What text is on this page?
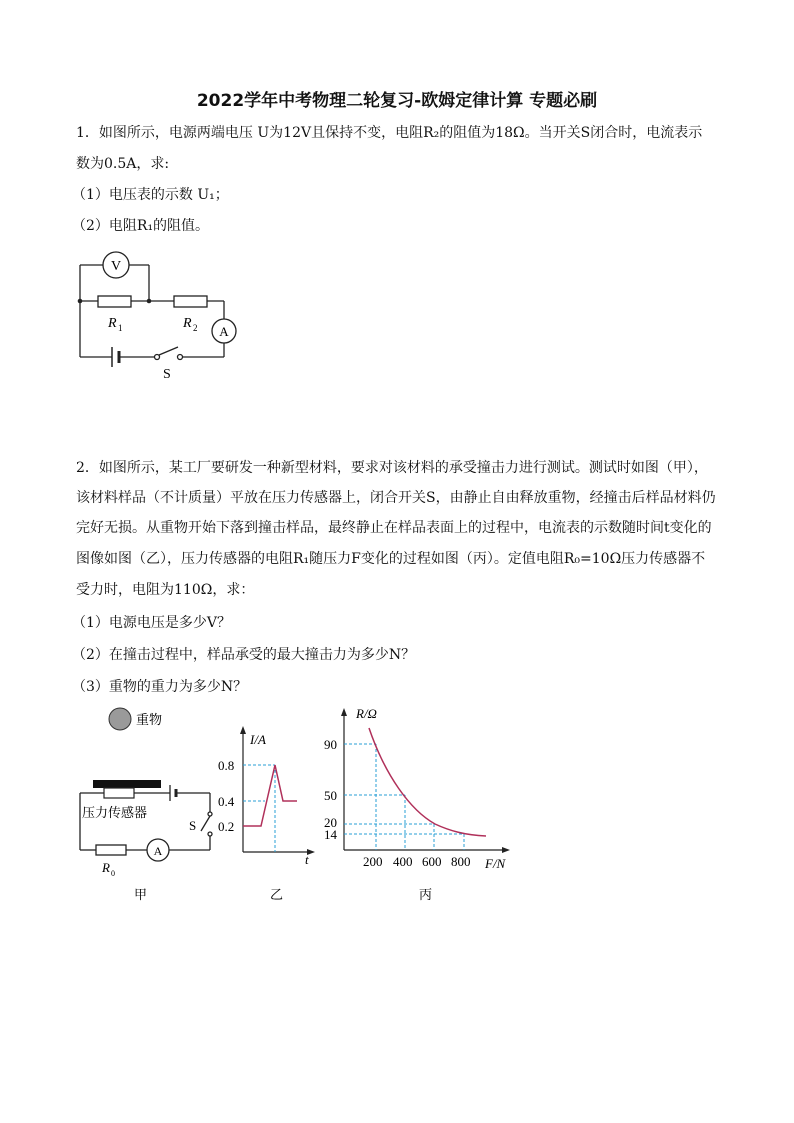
2022学年中考物理二轮复习-欧姆定律计算 专题必刷
1．如图所示，电源两端电压 U为12V且保持不变，电阻R₂的阻值为18Ω。当开关S闭合时，电流表示
数为0.5A，求:
（1）电压表的示数 U₁；
（2）电阻R₁的阻值。
V
A
R 1	R 2
S
2．如图所示，某工厂要研发一种新型材料，要求对该材料的承受撞击力进行测试。测试时如图（甲），
该材料样品（不计质量）平放在压力传感器上，闭合开关S，由静止自由释放重物，经撞击后样品材料仍
完好无损。从重物开始下落到撞击样品，最终静止在样品表面上的过程中，电流表的示数随时间t变化的
图像如图（乙），压力传感器的电阻R₁随压力F变化的过程如图（丙）。定值电阻R₀=10Ω压力传感器不
受力时，电阻为110Ω，求：
（1）电源电压是多少V？
（2）在撞击过程中，样品承受的最大撞击力为多少N？
（3）重物的重力为多少N？
重物
压力传感器
S
A
R 0
甲
I/A
0.8
0.4
0.2
t
乙
R/Ω
90
50
20
14
200 400 600 800 F/N
丙
